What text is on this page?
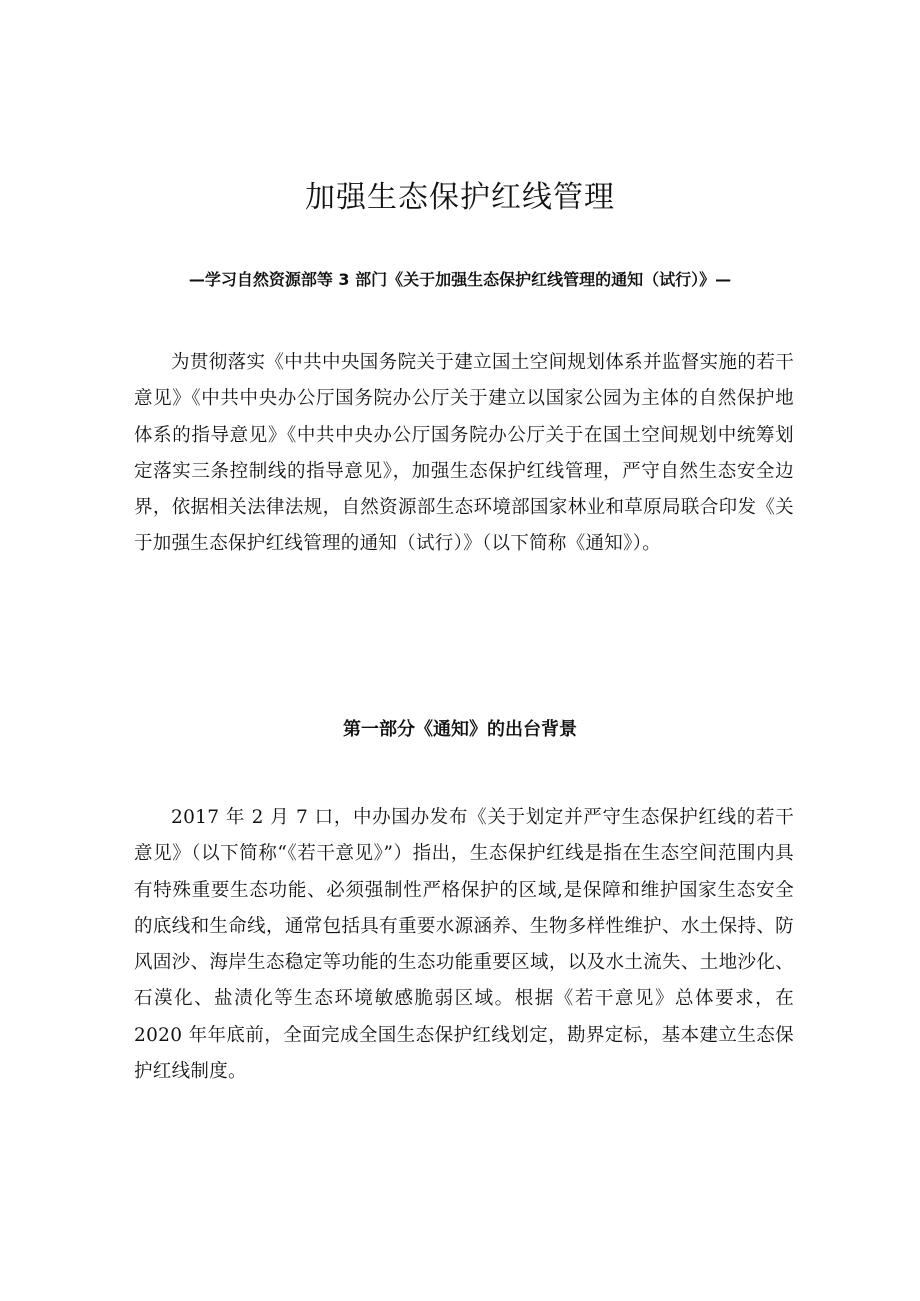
加强生态保护红线管理

—学习自然资源部等 3 部门《关于加强生态保护红线管理的通知（试行）》—

为贯彻落实《中共中央国务院关于建立国土空间规划体系并监督实施的若干意见》《中共中央办公厅国务院办公厅关于建立以国家公园为主体的自然保护地体系的指导意见》《中共中央办公厅国务院办公厅关于在国土空间规划中统筹划定落实三条控制线的指导意见》，加强生态保护红线管理，严守自然生态安全边界，依据相关法律法规，自然资源部生态环境部国家林业和草原局联合印发《关于加强生态保护红线管理的通知（试行）》（以下简称《通知》）。

第一部分《通知》的出台背景

2017 年 2 月 7 口，中办国办发布《关于划定并严守生态保护红线的若干意见》（以下简称“《若干意见》”）指出，生态保护红线是指在生态空间范围内具有特殊重要生态功能、必须强制性严格保护的区域,是保障和维护国家生态安全的底线和生命线，通常包括具有重要水源涵养、生物多样性维护、水土保持、防风固沙、海岸生态稳定等功能的生态功能重要区域，以及水土流失、土地沙化、石漠化、盐渍化等生态环境敏感脆弱区域。根据《若干意见》总体要求，在 2020 年年底前，全面完成全国生态保护红线划定，勘界定标，基本建立生态保护红线制度。
